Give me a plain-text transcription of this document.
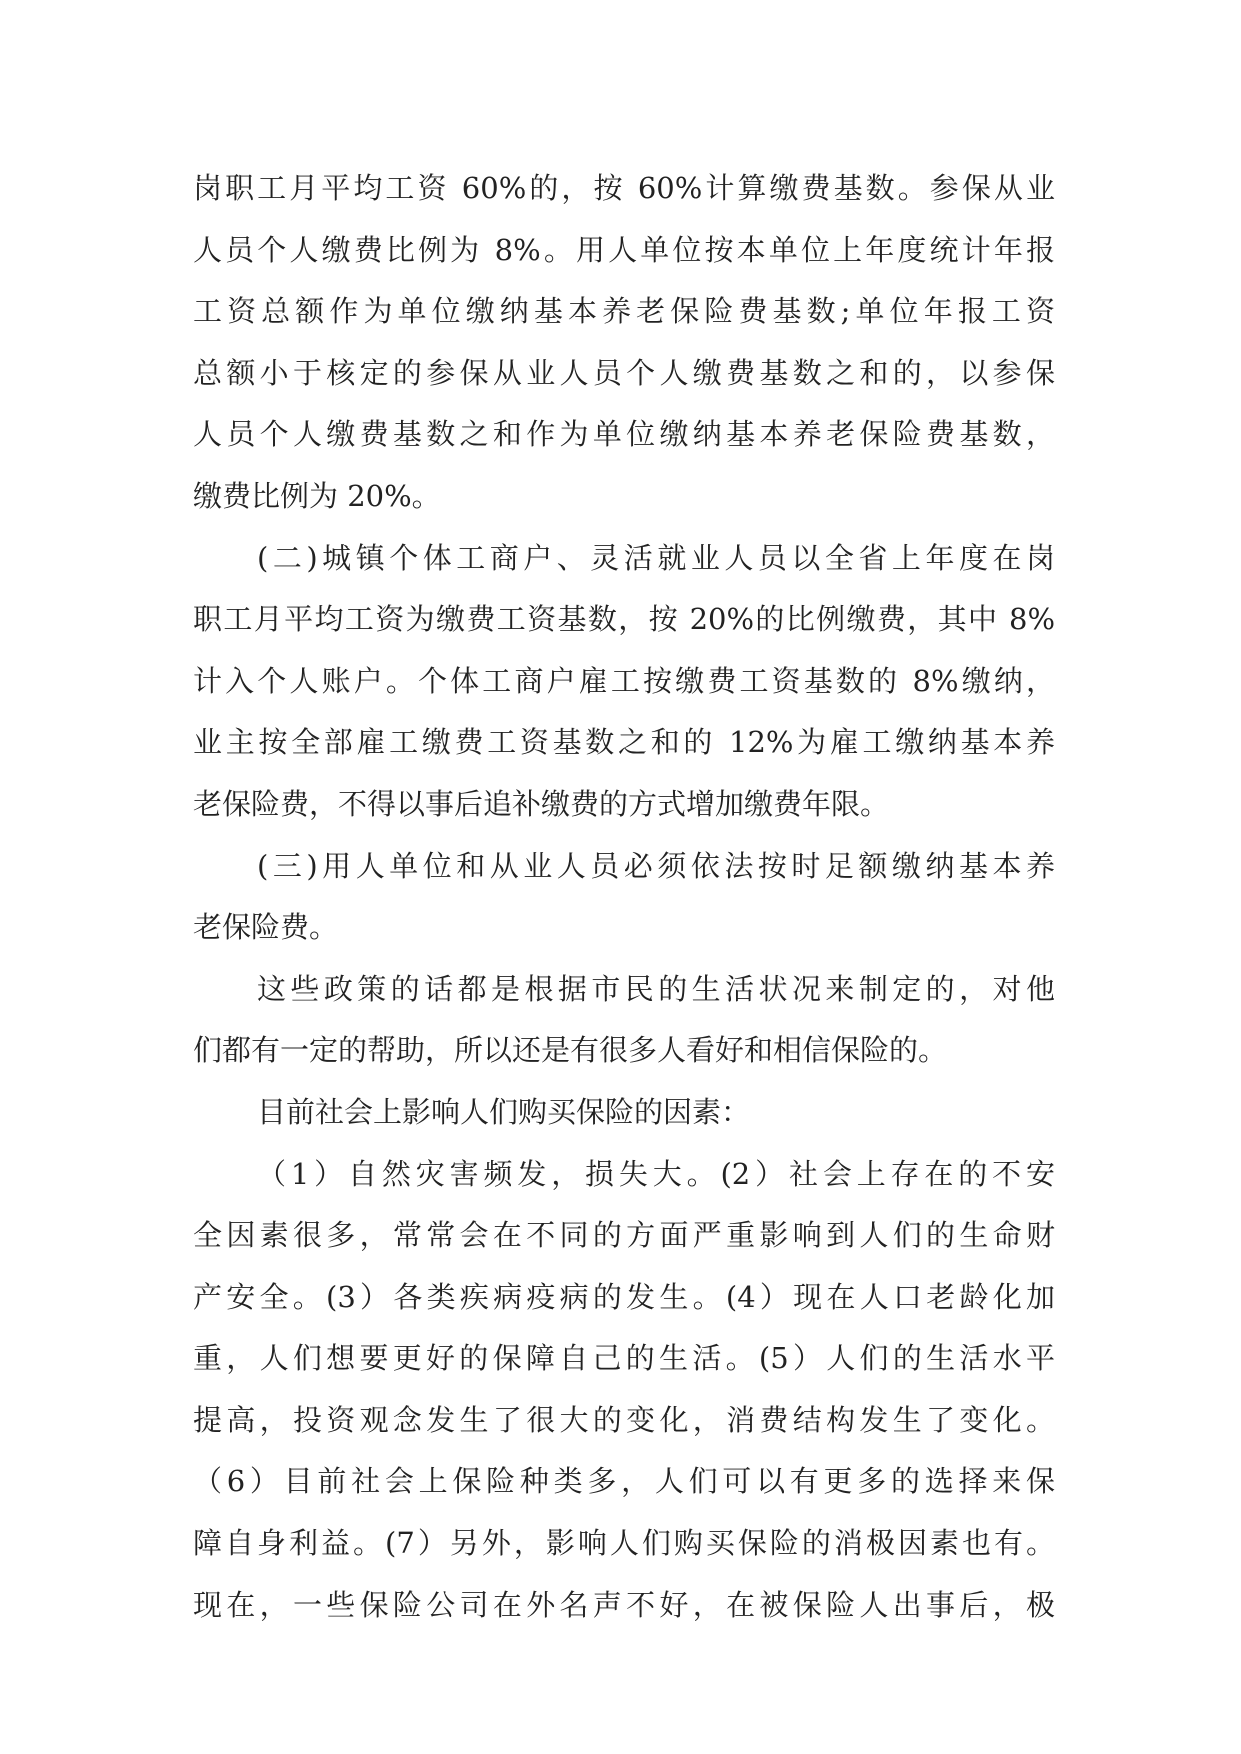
岗职工月平均工资 60%的，按 60%计算缴费基数。参保从业
人员个人缴费比例为 8%。用人单位按本单位上年度统计年报
工资总额作为单位缴纳基本养老保险费基数;单位年报工资
总额小于核定的参保从业人员个人缴费基数之和的，以参保
人员个人缴费基数之和作为单位缴纳基本养老保险费基数，
缴费比例为 20%。
(二)城镇个体工商户、灵活就业人员以全省上年度在岗
职工月平均工资为缴费工资基数，按 20%的比例缴费，其中 8%
计入个人账户。个体工商户雇工按缴费工资基数的 8%缴纳，
业主按全部雇工缴费工资基数之和的 12%为雇工缴纳基本养
老保险费，不得以事后追补缴费的方式增加缴费年限。
(三)用人单位和从业人员必须依法按时足额缴纳基本养
老保险费。
这些政策的话都是根据市民的生活状况来制定的，对他
们都有一定的帮助，所以还是有很多人看好和相信保险的。
目前社会上影响人们购买保险的因素：
（1）自然灾害频发，损失大。(2）社会上存在的不安
全因素很多，常常会在不同的方面严重影响到人们的生命财
产安全。(3）各类疾病疫病的发生。(4）现在人口老龄化加
重，人们想要更好的保障自己的生活。(5）人们的生活水平
提高，投资观念发生了很大的变化，消费结构发生了变化。
（6）目前社会上保险种类多，人们可以有更多的选择来保
障自身利益。(7）另外，影响人们购买保险的消极因素也有。
现在，一些保险公司在外名声不好，在被保险人出事后，极
